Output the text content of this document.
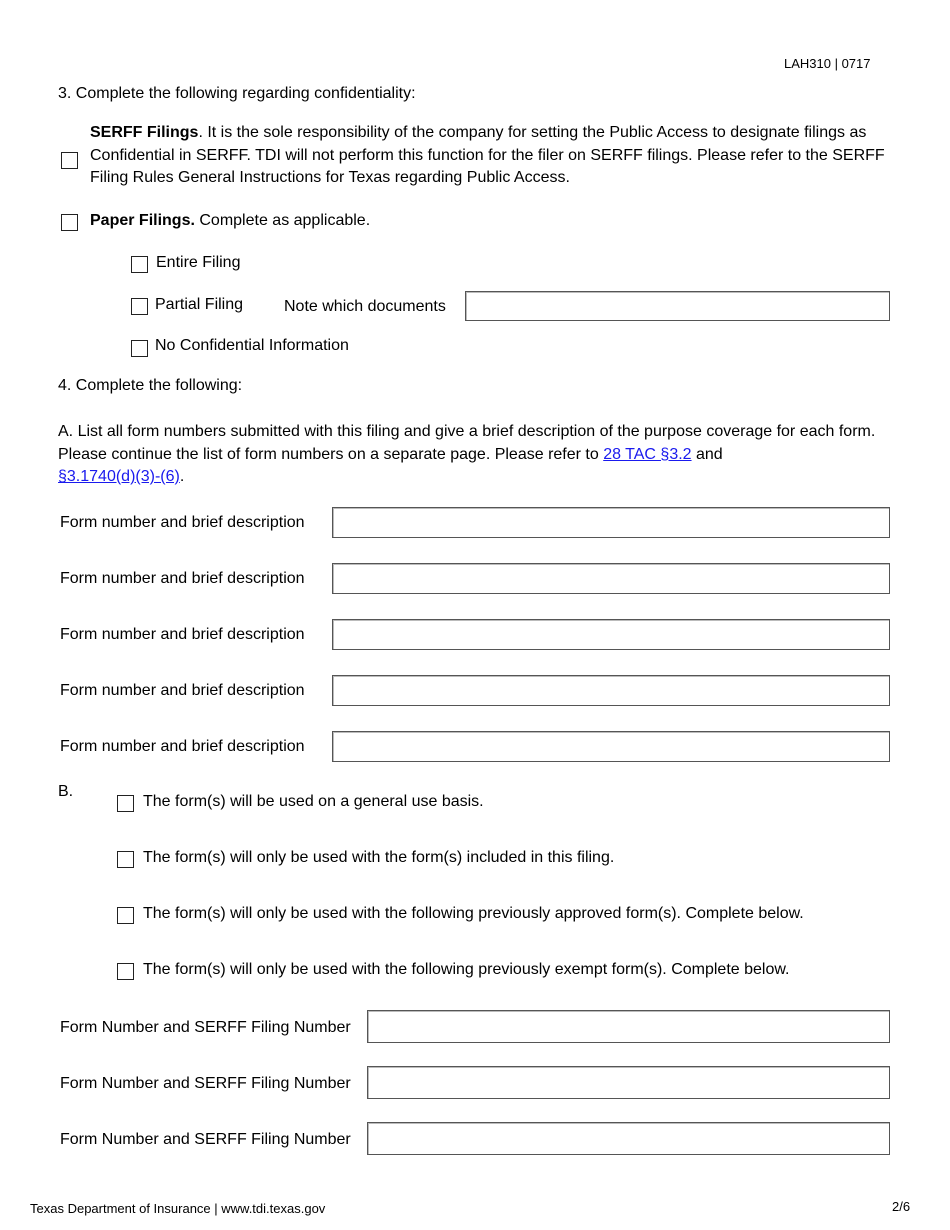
LAH310 | 0717
3. Complete the following regarding confidentiality:
SERFF Filings. It is the sole responsibility of the company for setting the Public Access to designate filings as Confidential in SERFF. TDI will not perform this function for the filer on SERFF filings. Please refer to the SERFF Filing Rules General Instructions for Texas regarding Public Access.
Paper Filings. Complete as applicable.
Entire Filing
Partial Filing	Note which documents
No Confidential Information
4. Complete the following:
A. List all form numbers submitted with this filing and give a brief description of the purpose coverage for each form. Please continue the list of form numbers on a separate page. Please refer to 28 TAC §3.2 and
§3.1740(d)(3)-(6).
Form number and brief description
Form number and brief description
Form number and brief description
Form number and brief description
Form number and brief description
B.
The form(s) will be used on a general use basis.
The form(s) will only be used with the form(s) included in this filing.
The form(s) will only be used with the following previously approved form(s). Complete below.
The form(s) will only be used with the following previously exempt form(s). Complete below.
Form Number and SERFF Filing Number
Form Number and SERFF Filing Number
Form Number and SERFF Filing Number
Texas Department of Insurance | www.tdi.texas.gov	2/6
